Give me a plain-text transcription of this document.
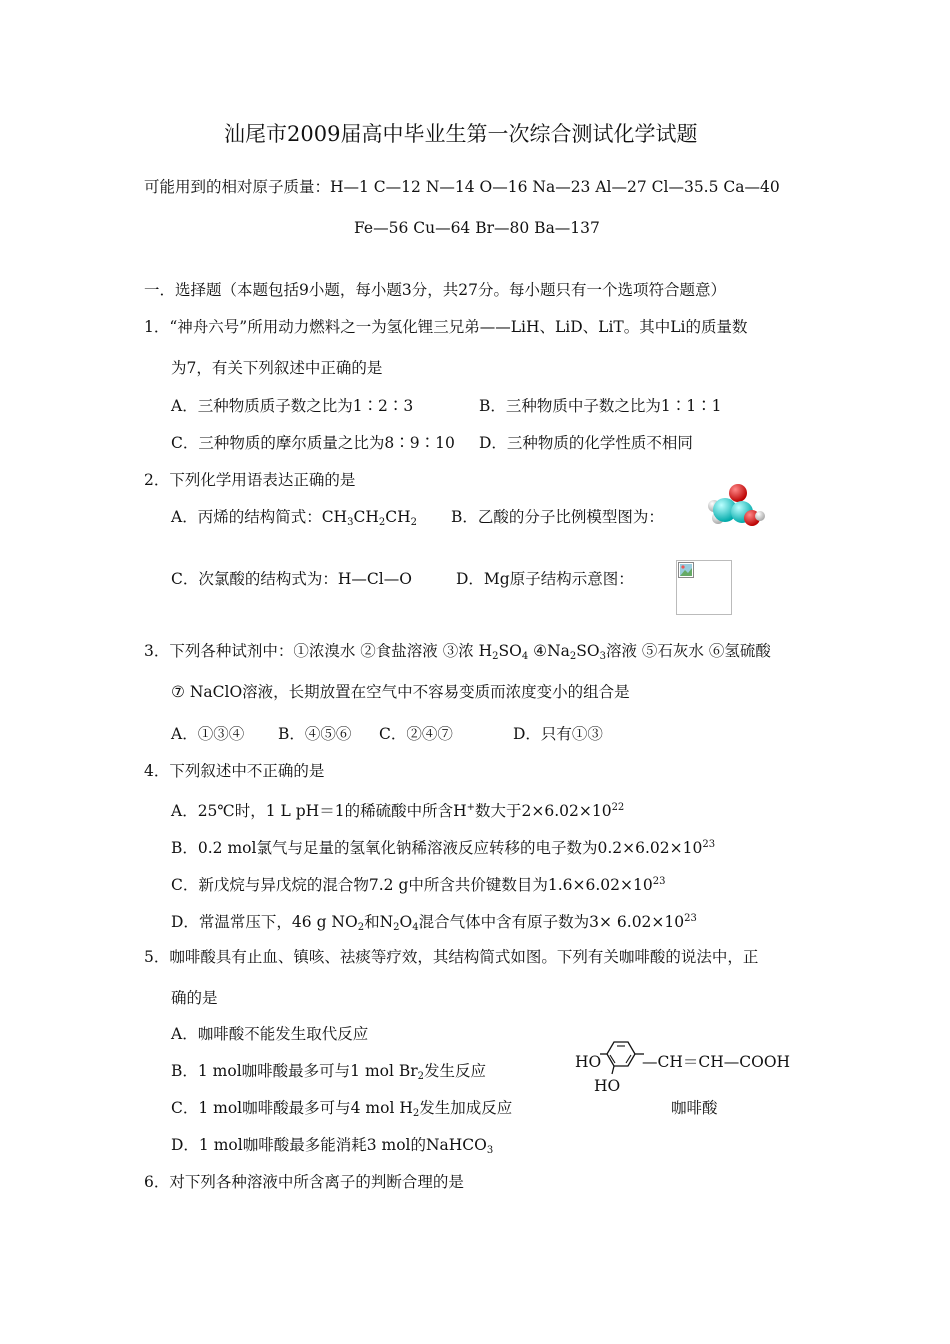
汕尾市2009届高中毕业生第一次综合测试化学试题
可能用到的相对原子质量：H—1 C—12 N—14 O—16 Na—23 Al—27 Cl—35.5 Ca—40
Fe—56 Cu—64 Br—80 Ba—137
一．选择题（本题包括9小题，每小题3分，共27分。每小题只有一个选项符合题意）
1．“神舟六号”所用动力燃料之一为氢化锂三兄弟——LiH、LiD、LiT。其中Li的质量数
为7，有关下列叙述中正确的是
A．三种物质质子数之比为1∶2∶3	B．三种物质中子数之比为1∶1∶1
C．三种物质的摩尔质量之比为8∶9∶10 D．三种物质的化学性质不相同
2．下列化学用语表达正确的是
A．丙烯的结构简式：$CH_3CH_2CH_2$ B．乙酸的分子比例模型图为：
C．次氯酸的结构式为：H—Cl—O	D．Mg原子结构示意图：
3．下列各种试剂中：①浓溴水 ②食盐溶液 ③浓 $H_2SO_4$ $④Na_2SO_3$溶液 ⑤石灰水 ⑥氢硫酸
⑦ NaClO溶液，长期放置在空气中不容易变质而浓度变小的组合是
A．①③④ B．④⑤⑥ C．②④⑦	D．只有①③
4．下列叙述中不正确的是
A．25℃时，1 L pH＝1的稀硫酸中所含H+数大于$2\times 6.02\times 10^{22}$
B．0.2 mol氯气与足量的氢氧化钠稀溶液反应转移的电子数为$0.2\times 6.02\times 10^{23}$
C．新戊烷与异戊烷的混合物7.2 g中所含共价键数目为$1.6\times 6.02\times 10^{23}$
D．常温常压下，46 g $NO_2$和$N_2O_4$混合气体中含有原子数为$3\times 6.02\times 10^{23}$
5．咖啡酸具有止血、镇咳、祛痰等疗效，其结构简式如图。下列有关咖啡酸的说法中，正
确的是
A．咖啡酸不能发生取代反应
B．1 mol咖啡酸最多可与1 mol $Br_2$发生反应
C．1 mol咖啡酸最多可与4 mol $H_2$发生加成反应
D．1 mol咖啡酸最多能消耗3 mol的NaHCO$_3$
HO	—CH＝CH—COOH
HO
咖啡酸
6．对下列各种溶液中所含离子的判断合理的是
